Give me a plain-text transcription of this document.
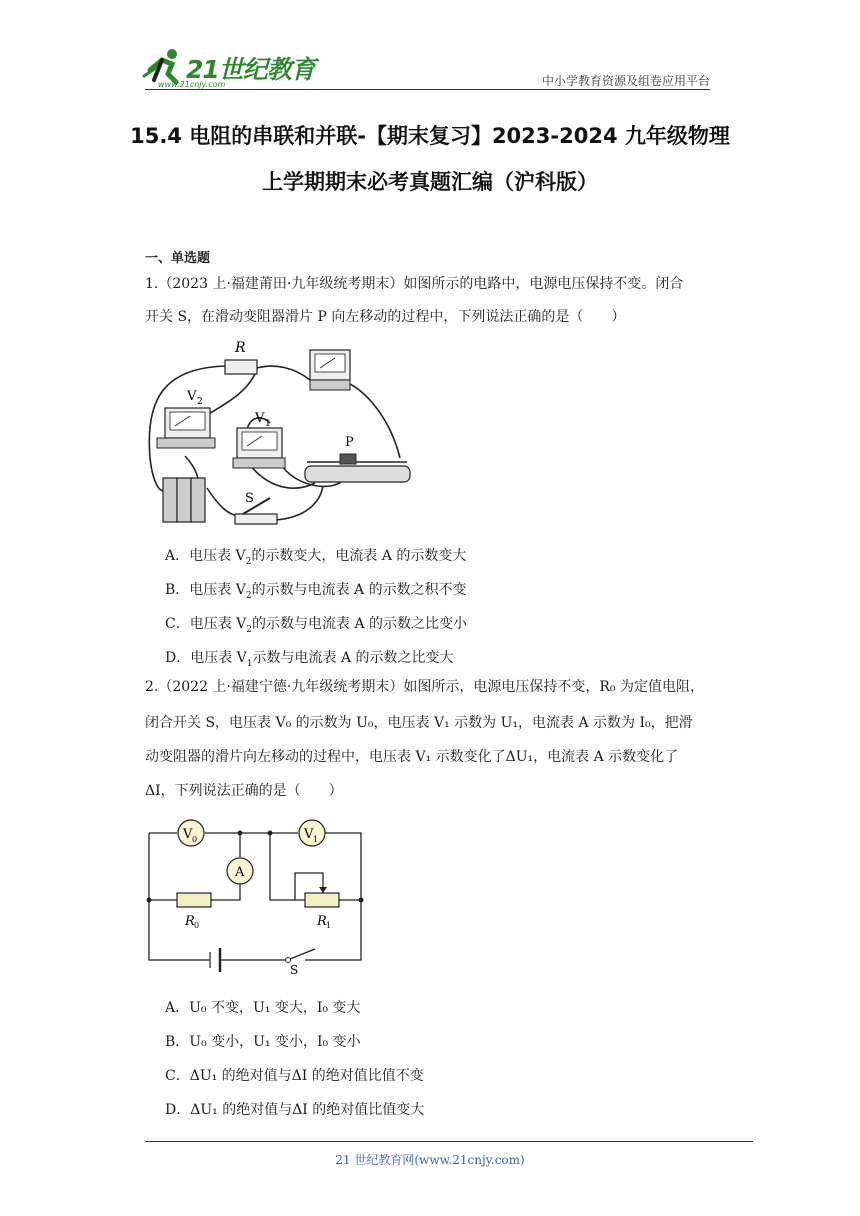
21世纪教育
www.21cnjy.com	中小学教育资源及组卷应用平台
15.4 电阻的串联和并联-【期末复习】2023-2024 九年级物理
上学期期末必考真题汇编（沪科版）
一、单选题
1.（2023 上·福建莆田·九年级统考期末）如图所示的电路中，电源电压保持不变。闭合
开关 S，在滑动变阻器滑片 P 向左移动的过程中，下列说法正确的是（　　）
R
V 2
V 1
P
S
A．电压表 $V_2$的示数变大，电流表 A 的示数变大
B．电压表 $V_2$的示数与电流表 A 的示数之积不变
C．电压表 $V_2$的示数与电流表 A 的示数之比变小
D．电压表 $V_1$示数与电流表 A 的示数之比变大
2.（2022 上·福建宁德·九年级统考期末）如图所示，电源电压保持不变，R₀ 为定值电阻，
闭合开关 S，电压表 V₀ 的示数为 U₀，电压表 V₁ 示数为 U₁，电流表 A 示数为 I₀，把滑
动变阻器的滑片向左移动的过程中，电压表 V₁ 示数变化了ΔU₁，电流表 A 示数变化了
ΔI，下列说法正确的是（　　）
V 0	V 1
A
R 0	R 1
S
A．U₀ 不变，U₁ 变大，I₀ 变大
B．U₀ 变小，U₁ 变小，I₀ 变小
C．ΔU₁ 的绝对值与ΔI 的绝对值比值不变
D．ΔU₁ 的绝对值与ΔI 的绝对值比值变大
21 世纪教育网(www.21cnjy.com)
